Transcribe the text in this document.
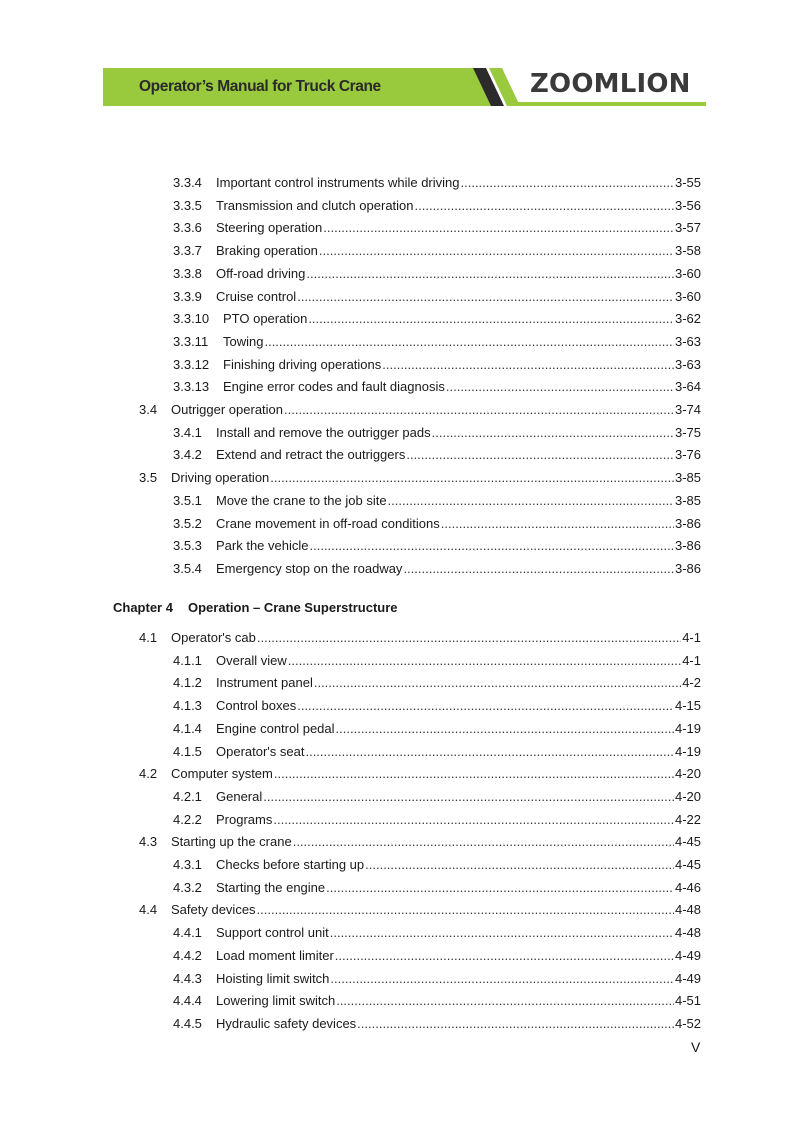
Operator’s Manual for Truck Crane	ZOOMLION
3.3.4	Important control instruments while driving .....	3-55
3.3.5	Transmission and clutch operation .....	3-56
3.3.6	Steering operation .....	3-57
3.3.7	Braking operation .....	3-58
3.3.8	Off-road driving .....	3-60
3.3.9	Cruise control .....	3-60
3.3.10	PTO operation .....	3-62
3.3.11	Towing .....	3-63
3.3.12	Finishing driving operations .....	3-63
3.3.13	Engine error codes and fault diagnosis .....	3-64
3.4	Outrigger operation .....	3-74
3.4.1	Install and remove the outrigger pads .....	3-75
3.4.2	Extend and retract the outriggers .....	3-76
3.5	Driving operation .....	3-85
3.5.1	Move the crane to the job site .....	3-85
3.5.2	Crane movement in off-road conditions .....	3-86
3.5.3	Park the vehicle .....	3-86
3.5.4	Emergency stop on the roadway .....	3-86
Chapter 4 Operation – Crane Superstructure
4.1	Operator's cab .....	4-1
4.1.1	Overall view .....	4-1
4.1.2	Instrument panel .....	4-2
4.1.3	Control boxes .....	4-15
4.1.4	Engine control pedal .....	4-19
4.1.5	Operator's seat .....	4-19
4.2	Computer system .....	4-20
4.2.1	General .....	4-20
4.2.2	Programs .....	4-22
4.3	Starting up the crane .....	4-45
4.3.1	Checks before starting up .....	4-45
4.3.2	Starting the engine .....	4-46
4.4	Safety devices .....	4-48
4.4.1	Support control unit .....	4-48
4.4.2	Load moment limiter .....	4-49
4.4.3	Hoisting limit switch .....	4-49
4.4.4	Lowering limit switch .....	4-51
4.4.5	Hydraulic safety devices .....	4-52
V
